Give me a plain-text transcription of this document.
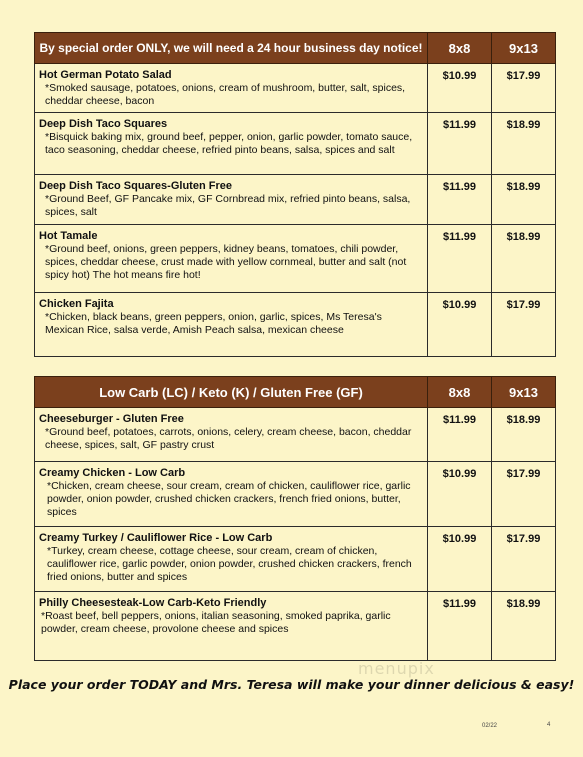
By special order ONLY, we will need a 24 hour business day notice!	8x8	9x13

Hot German Potato Salad
*Smoked sausage, potatoes, onions, cream of mushroom, butter, salt, spices, cheddar cheese, bacon	$10.99	$17.99

Deep Dish Taco Squares
*Bisquick baking mix, ground beef, pepper, onion, garlic powder, tomato sauce, taco seasoning, cheddar cheese, refried pinto beans, salsa, spices and salt	$11.99	$18.99

Deep Dish Taco Squares-Gluten Free
*Ground Beef, GF Pancake mix, GF Cornbread mix, refried pinto beans, salsa, spices, salt	$11.99	$18.99

Hot Tamale
*Ground beef, onions, green peppers, kidney beans, tomatoes, chili powder, spices, cheddar cheese, crust made with yellow cornmeal, butter and salt (not spicy hot) The hot means fire hot!	$11.99	$18.99

Chicken Fajita
*Chicken, black beans, green peppers, onion, garlic, spices, Ms Teresa's Mexican Rice, salsa verde, Amish Peach salsa, mexican cheese	$10.99	$17.99
Low Carb (LC) / Keto (K) / Gluten Free (GF)	8x8	9x13

Cheeseburger - Gluten Free
*Ground beef, potatoes, carrots, onions, celery, cream cheese, bacon, cheddar cheese, spices, salt, GF pastry crust	$11.99	$18.99

Creamy Chicken - Low Carb
*Chicken, cream cheese, sour cream, cream of chicken, cauliflower rice, garlic powder, onion powder, crushed chicken crackers, french fried onions, butter, spices	$10.99	$17.99

Creamy Turkey / Cauliflower Rice - Low Carb
*Turkey, cream cheese, cottage cheese, sour cream, cream of chicken, cauliflower rice, garlic powder, onion powder, crushed chicken crackers, french fried onions, butter and spices	$10.99	$17.99

Philly Cheesesteak-Low Carb-Keto Friendly
*Roast beef, bell peppers, onions, italian seasoning, smoked paprika, garlic powder, cream cheese, provolone cheese and spices	$11.99	$18.99
menupix
Place your order TODAY and Mrs. Teresa will make your dinner delicious & easy!
02/22	4
